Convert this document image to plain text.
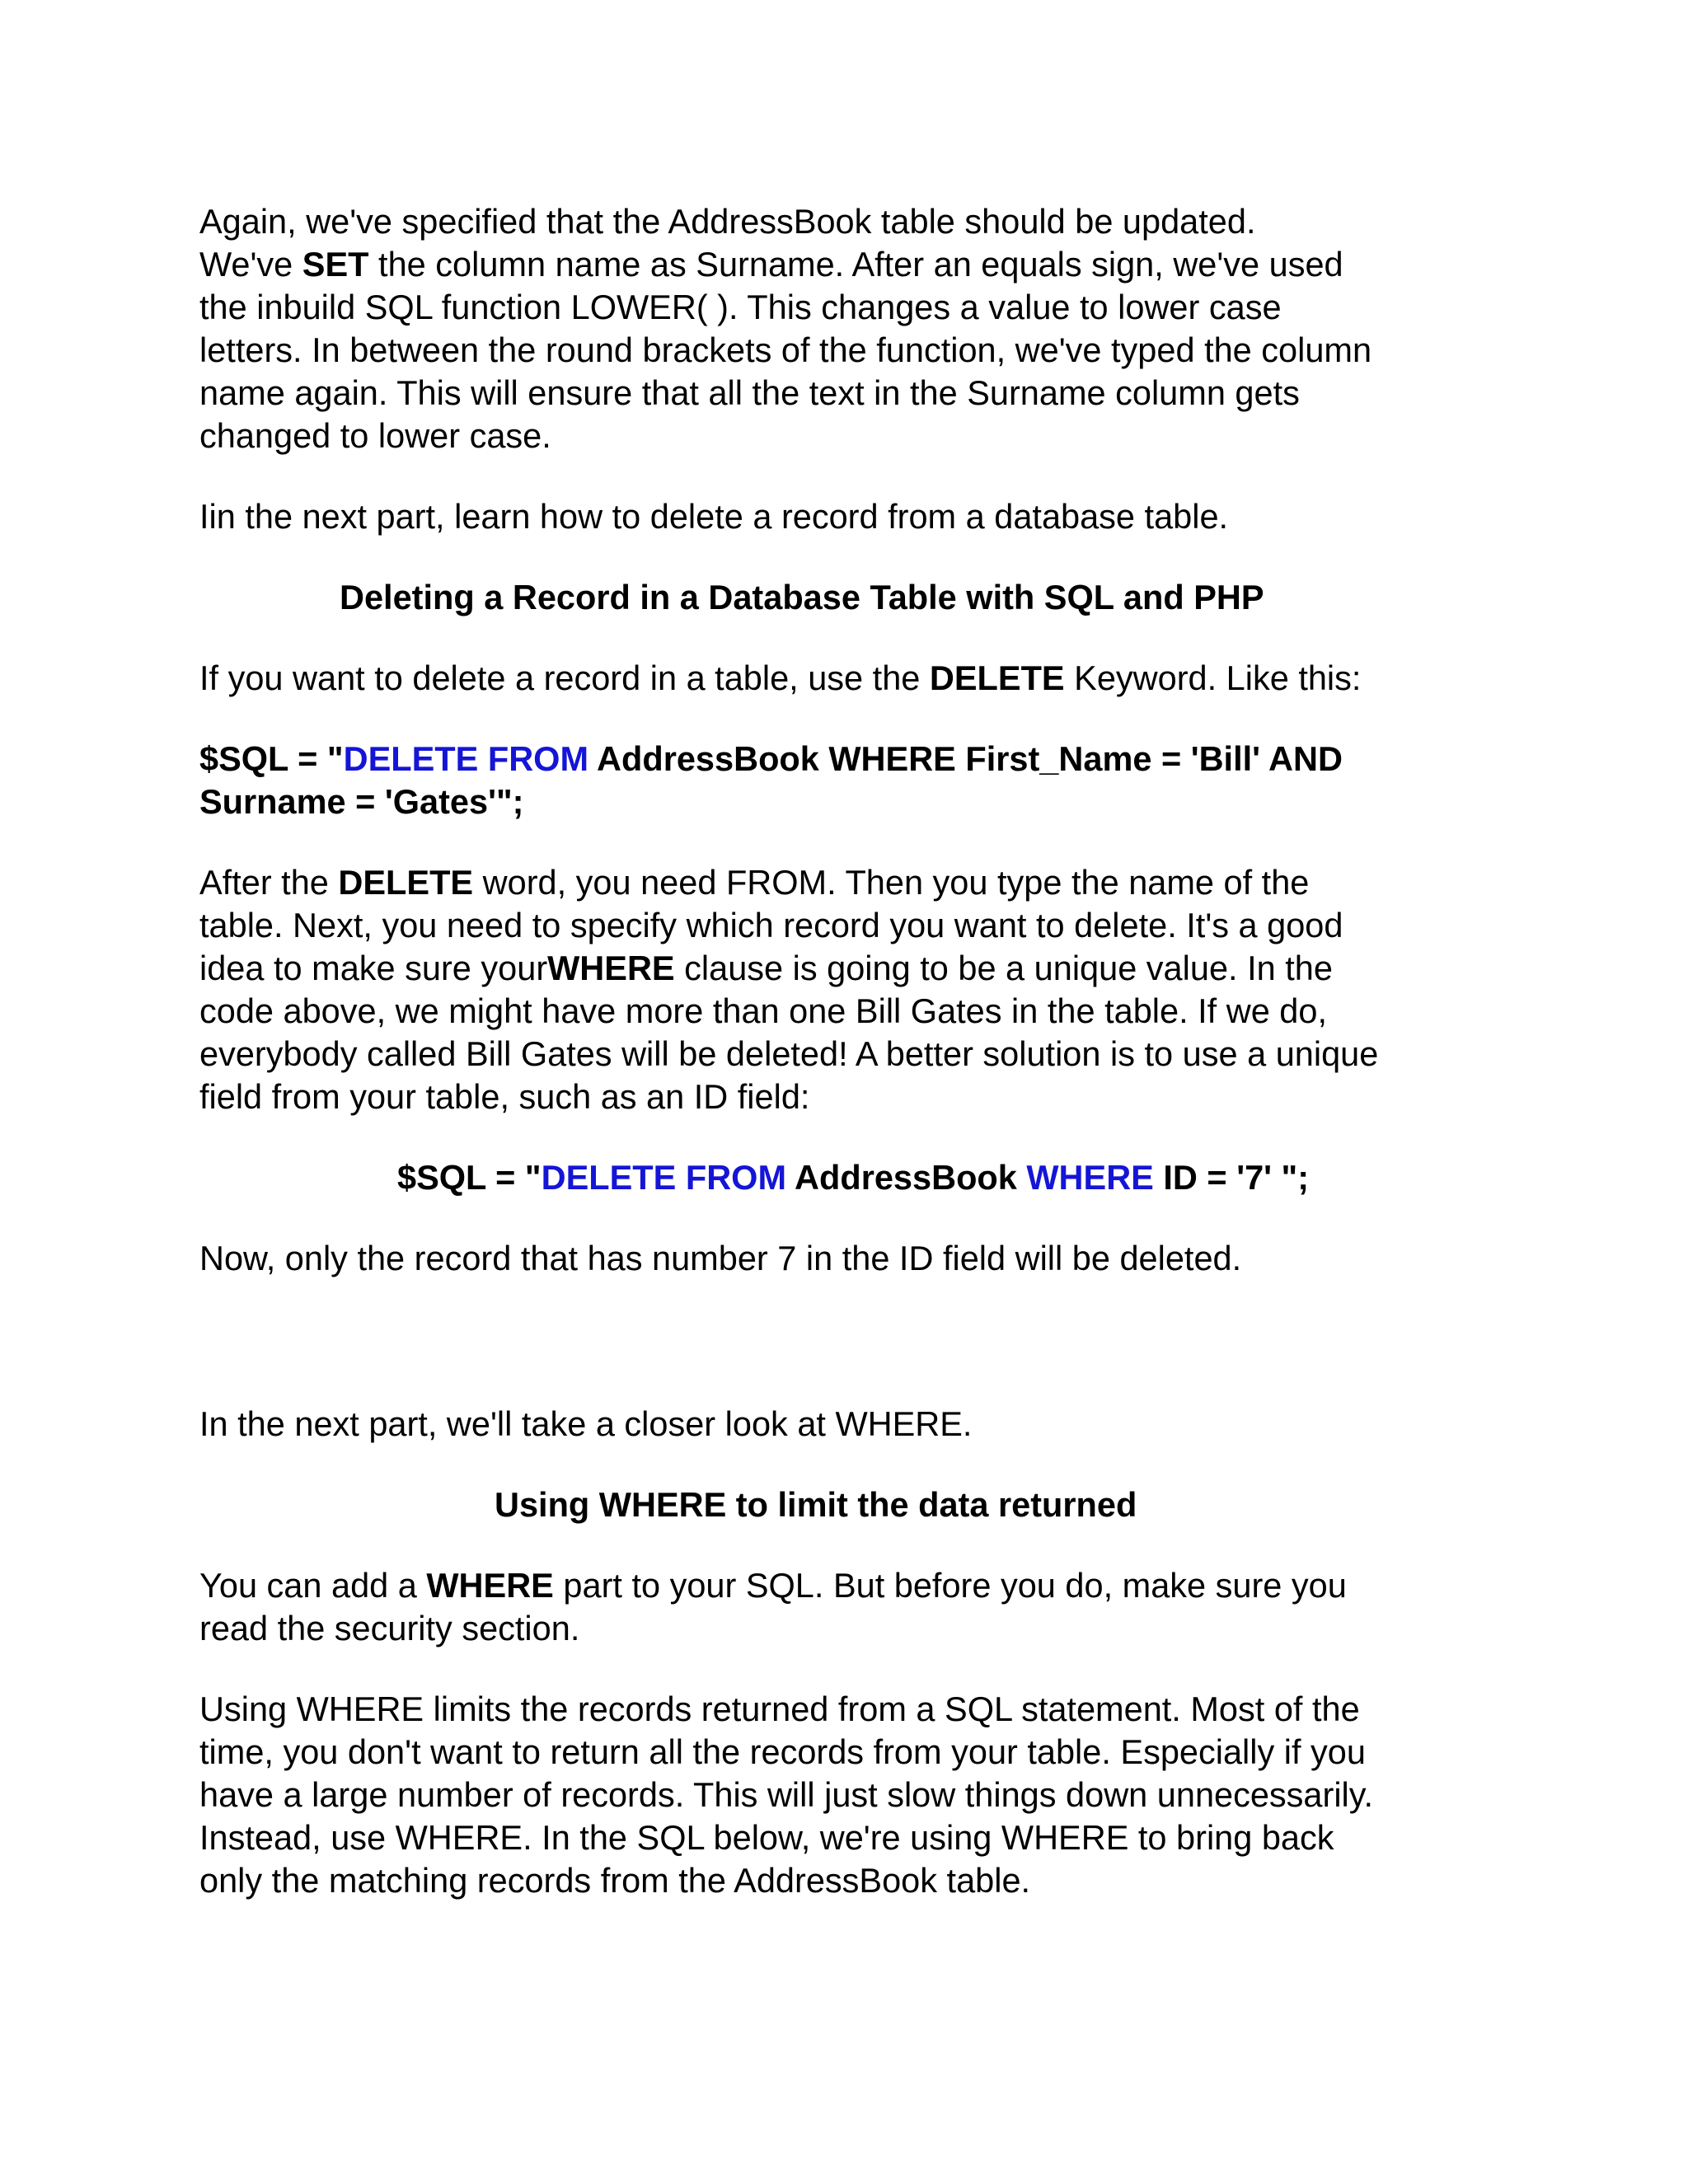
Again, we've specified that the AddressBook table should be updated.
We've SET the column name as Surname. After an equals sign, we've used
the inbuild SQL function LOWER( ). This changes a value to lower case
letters. In between the round brackets of the function, we've typed the column
name again. This will ensure that all the text in the Surname column gets
changed to lower case.

Iin the next part, learn how to delete a record from a database table.

Deleting a Record in a Database Table with SQL and PHP

If you want to delete a record in a table, use the DELETE Keyword. Like this:

$SQL = "DELETE FROM AddressBook WHERE First_Name = 'Bill' AND
Surname = 'Gates'";

After the DELETE word, you need FROM. Then you type the name of the
table. Next, you need to specify which record you want to delete. It's a good
idea to make sure yourWHERE clause is going to be a unique value. In the
code above, we might have more than one Bill Gates in the table. If we do,
everybody called Bill Gates will be deleted! A better solution is to use a unique
field from your table, such as an ID field:

$SQL = "DELETE FROM AddressBook WHERE ID = '7' ";

Now, only the record that has number 7 in the ID field will be deleted.

In the next part, we'll take a closer look at WHERE.

Using WHERE to limit the data returned

You can add a WHERE part to your SQL. But before you do, make sure you
read the security section.

Using WHERE limits the records returned from a SQL statement. Most of the
time, you don't want to return all the records from your table. Especially if you
have a large number of records. This will just slow things down unnecessarily.
Instead, use WHERE. In the SQL below, we're using WHERE to bring back
only the matching records from the AddressBook table.
